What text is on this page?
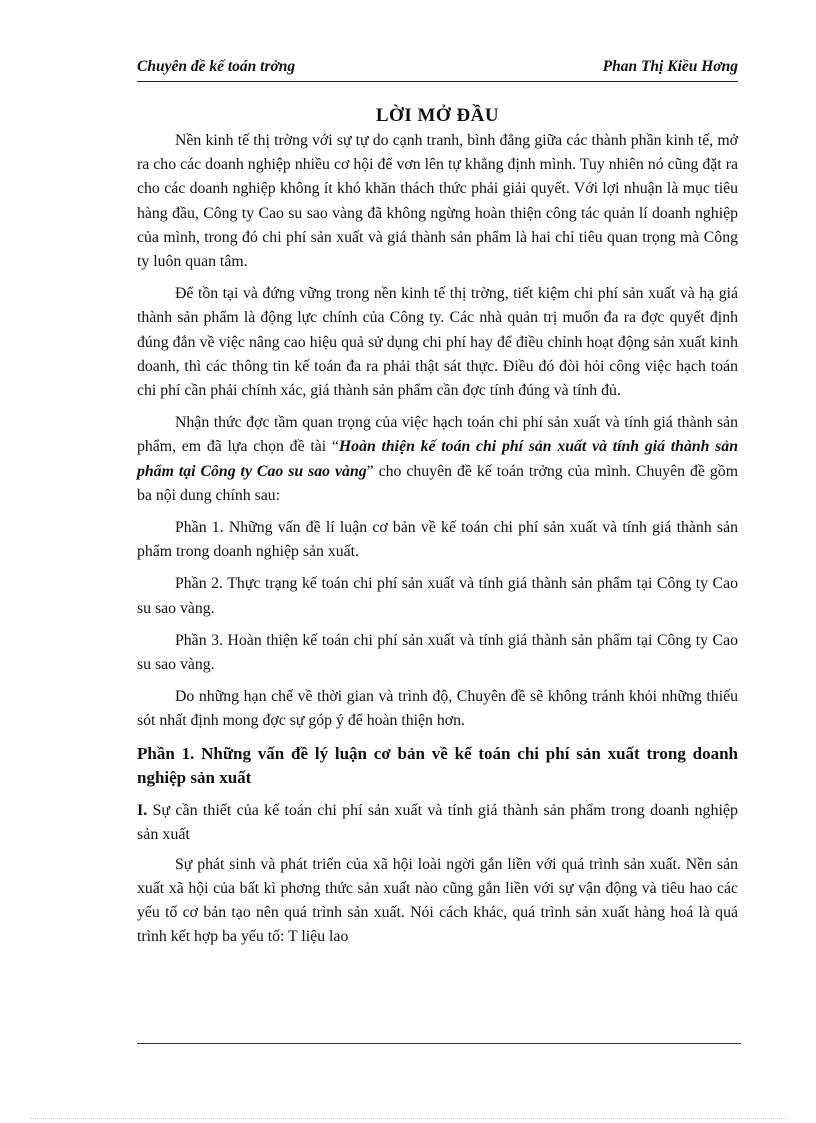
Chuyên đề kế toán trởng	Phan Thị Kiều Hơng
LỜI MỞ ĐẦU

Nền kinh tế thị trờng với sự tự do cạnh tranh, bình đẳng giữa các thành phần kinh tế, mở ra cho các doanh nghiệp nhiều cơ hội để vơn lên tự khẳng định mình. Tuy nhiên nó cũng đặt ra cho các doanh nghiệp không ít khó khăn thách thức phải giải quyết. Với lợi nhuận là mục tiêu hàng đầu, Công ty Cao su sao vàng đã không ngừng hoàn thiện công tác quản lí doanh nghiệp của mình, trong đó chi phí sản xuất và giá thành sản phẩm là hai chỉ tiêu quan trọng mà Công ty luôn quan tâm.

Để tồn tại và đứng vững trong nền kinh tế thị trờng, tiết kiệm chi phí sản xuất và hạ giá thành sản phẩm là động lực chính của Công ty. Các nhà quản trị muốn đa ra đợc quyết định đúng đắn về việc nâng cao hiệu quả sử dụng chi phí hay để điều chỉnh hoạt động sản xuất kinh doanh, thì các thông tin kế toán đa ra phải thật sát thực. Điều đó đòi hỏi công việc hạch toán chi phí cần phải chính xác, giá thành sản phẩm cần đợc tính đúng và tính đủ.

Nhận thức đợc tầm quan trọng của việc hạch toán chi phí sản xuất và tính giá thành sản phẩm, em đã lựa chọn đề tài “Hoàn thiện kế toán chi phí sản xuất và tính giá thành sản phẩm tại Công ty Cao su sao vàng” cho chuyên đề kế toán trởng của mình. Chuyên đề gồm ba nội dung chính sau:

Phần 1. Những vấn đề lí luận cơ bản về kế toán chi phí sản xuất và tính giá thành sản phẩm trong doanh nghiệp sản xuất.

Phần 2. Thực trạng kế toán chi phí sản xuất và tính giá thành sản phẩm tại Công ty Cao su sao vàng.

Phần 3. Hoàn thiện kế toán chi phí sản xuất và tính giá thành sản phẩm tại Công ty Cao su sao vàng.

Do những hạn chế về thời gian và trình độ, Chuyên đề sẽ không tránh khỏi những thiếu sót nhất định mong đợc sự góp ý để hoàn thiện hơn.

Phần 1. Những vấn đề lý luận cơ bản về kế toán chi phí sản xuất trong doanh nghiệp sản xuất
I. Sự cần thiết của kế toán chi phí sản xuất và tính giá thành sản phẩm trong doanh nghiệp sản xuất

Sự phát sinh và phát triển của xã hội loài ngời gắn liền với quá trình sản xuất. Nền sản xuất xã hội của bất kì phơng thức sản xuất nào cũng gắn liền với sự vận động và tiêu hao các yếu tố cơ bản tạo nên quá trình sản xuất. Nói cách khác, quá trình sản xuất hàng hoá là quá trình kết hợp ba yếu tố: T liệu lao
